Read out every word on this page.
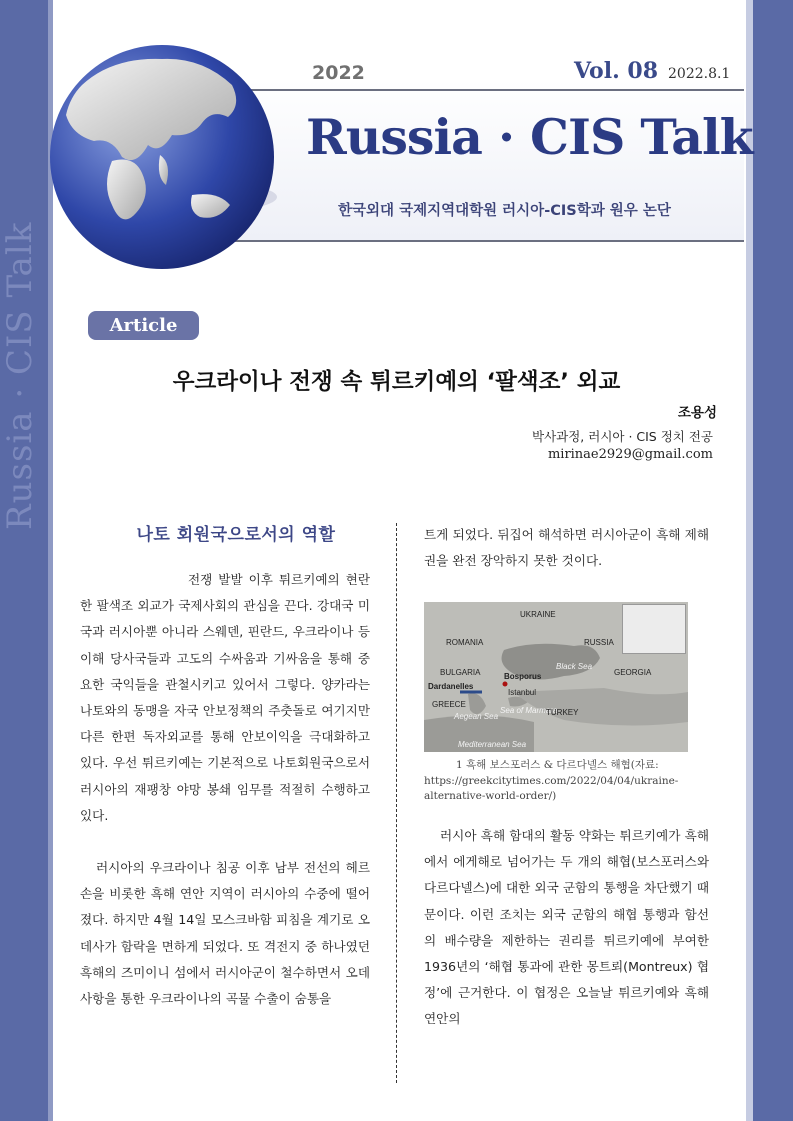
Russia · CIS Talk
2022	Vol. 08 2022.8.1
Russia · CIS Talk
한국외대 국제지역대학원 러시아-CIS학과 원우 논단
Article
우크라이나 전쟁 속 튀르키예의 ‘팔색조’ 외교
조용성
박사과정, 러시아 · CIS 정치 전공
mirinae2929@gmail.com
나토 회원국으로서의 역할

전쟁 발발 이후 튀르키예의 현란한 팔색조 외교가 국제사회의 관심을 끈다. 강대국 미국과 러시아뿐 아니라 스웨덴, 핀란드, 우크라이나 등 이해 당사국들과 고도의 수싸움과 기싸움을 통해 중요한 국익들을 관철시키고 있어서 그렇다. 양카라는 나토와의 동맹을 자국 안보정책의 주춧돌로 여기지만 다른 한편 독자외교를 통해 안보이익을 극대화하고 있다. 우선 튀르키예는 기본적으로 나토회원국으로서 러시아의 재팽창 야망 봉쇄 임무를 적절히 수행하고 있다.

러시아의 우크라이나 침공 이후 남부 전선의 헤르손을 비롯한 흑해 연안 지역이 러시아의 수중에 떨어졌다. 하지만 4월 14일 모스크바함 피침을 계기로 오데사가 함락을 면하게 되었다. 또 격전지 중 하나였던 흑해의 즈미이니 섬에서 러시아군이 철수하면서 오데사항을 통한 우크라이나의 곡물 수출이 숨통을

트게 되었다. 뒤집어 해석하면 러시아군이 흑해 제해권을 완전 장악하지 못한 것이다.

UKRAINE
ROMANIA	RUSSIA
Black Sea
BULGARIA	GEORGIA
Bosporus
Dardanelles
Istanbul
GREECE
Aegean Sea
Sea of Marmara
TURKEY
Mediterranean Sea
1 흑해 보스포러스 & 다르다넬스 해협(자료: https://greekcitytimes.com/2022/04/04/ukraine-alternative-world-order/)

러시아 흑해 함대의 활동 약화는 튀르키예가 흑해에서 에게해로 넘어가는 두 개의 해협(보스포러스와 다르다넬스)에 대한 외국 군함의 통행을 차단했기 때문이다. 이런 조치는 외국 군함의 해협 통행과 함선의 배수량을 제한하는 권리를 튀르키예에 부여한 1936년의 ‘해협 통과에 관한 몽트뢰(Montreux) 협정’에 근거한다. 이 협정은 오늘날 튀르키예와 흑해 연안의
